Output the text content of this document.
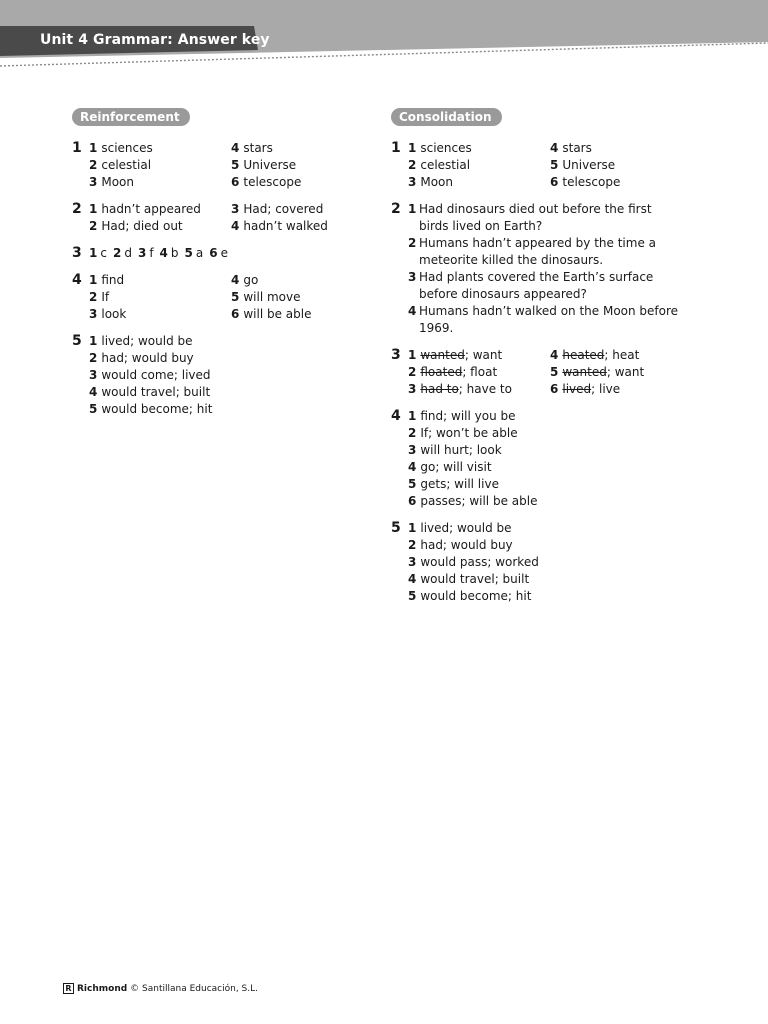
Unit 4 Grammar: Answer key
Reinforcement
1 1 sciences	4 stars
2 celestial	5 Universe
3 Moon	6 telescope
2 1 hadn’t appeared	3 Had; covered
2 Had; died out	4 hadn’t walked
3 1 c 2 d 3 f 4 b 5 a 6 e
4 1 find	4 go
2 If	5 will move
3 look	6 will be able
5 1 lived; would be
2 had; would buy
3 would come; lived
4 would travel; built
5 would become; hit
Consolidation
1 1 sciences	4 stars
2 celestial	5 Universe
3 Moon	6 telescope
2 1 Had dinosaurs died out before the first birds lived on Earth?
2 Humans hadn’t appeared by the time a meteorite killed the dinosaurs.
3 Had plants covered the Earth’s surface before dinosaurs appeared?
4 Humans hadn’t walked on the Moon before 1969.
3 1 wanted; want	4 heated; heat
2 floated; float	5 wanted; want
3 had to; have to	6 lived; live
4 1 find; will you be
2 If; won’t be able
3 will hurt; look
4 go; will visit
5 gets; will live
6 passes; will be able
5 1 lived; would be
2 had; would buy
3 would pass; worked
4 would travel; built
5 would become; hit
R Richmond © Santillana Educación, S.L.
